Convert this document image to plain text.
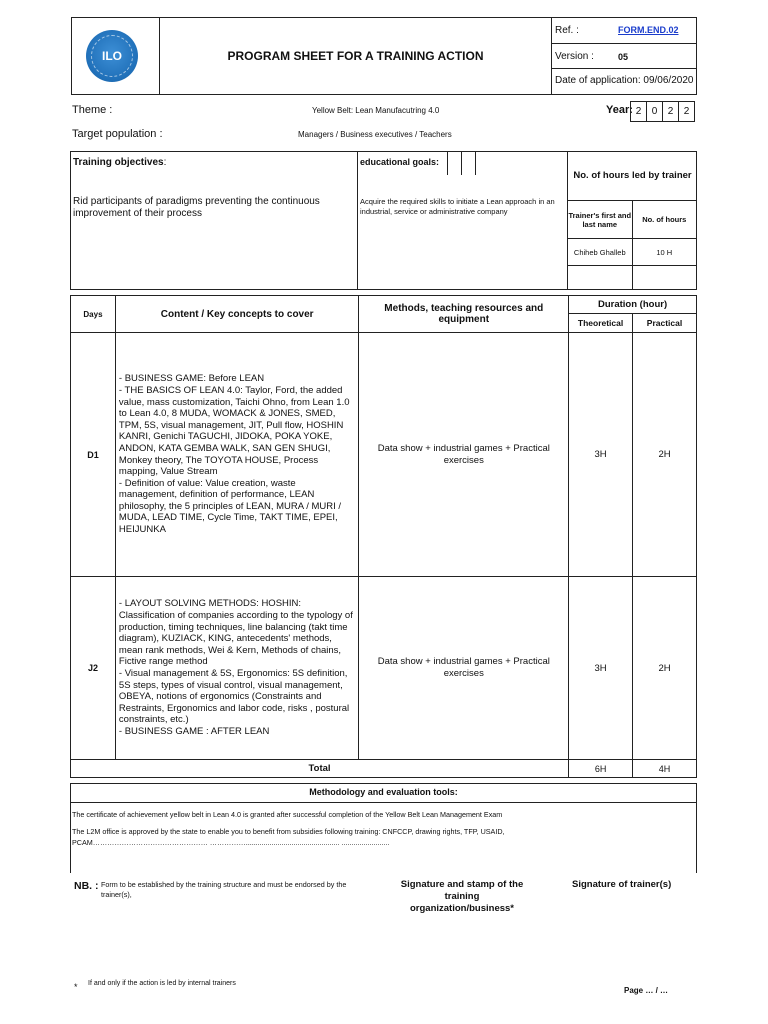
ILO	PROGRAM SHEET FOR A TRAINING ACTION
Ref. :	FORM.END.02
Version :	05
Date of application: 09/06/2020
Theme :	Yellow Belt: Lean Manufacutring 4.0	Year: 2	0	2	2
Target population :	Managers / Business executives / Teachers
Training objectives:
Rid participants of paradigms preventing the continuous improvement of their process
educational goals:
Acquire the required skills to initiate a Lean approach in an industrial, service or administrative company
No. of hours led by trainer
Trainer's first and last name	No. of hours
Chiheb Ghalleb	10 H

Days	Content / Key concepts to cover	Methods, teaching resources and equipment	Duration (hour)	
			Theoretical	Practical
D1	- BUSINESS GAME: Before LEAN
- THE BASICS OF LEAN 4.0: Taylor, Ford, the added value, mass customization, Taichi Ohno, from Lean 1.0 to Lean 4.0, 8 MUDA, WOMACK & JONES, SMED, TPM, 5S, visual management, JIT, Pull flow, HOSHIN KANRI, Genichi TAGUCHI, JIDOKA, POKA YOKE, ANDON, KATA GEMBA WALK, SAN GEN SHUGI, Monkey theory, The TOYOTA HOUSE, Process mapping, Value Stream
- Definition of value: Value creation, waste management, definition of performance, LEAN philosophy, the 5 principles of LEAN, MURA / MURI / MUDA, LEAD TIME, Cycle Time, TAKT TIME, EPEI, HEIJUNKA	Data show + industrial games + Practical exercises	3H	2H
J2	- LAYOUT SOLVING METHODS: HOSHIN: Classification of companies according to the typology of production, timing techniques, line balancing (takt time diagram), KUZIACK, KING, antecedents' methods, mean rank methods, Wei & Kern, Methods of chains, Fictive range method
- Visual management & 5S, Ergonomics: 5S definition, 5S steps, types of visual control, visual management, OBEYA, notions of ergonomics (Constraints and Restraints, Ergonomics and labor code, risks , postural constraints, etc.)
- BUSINESS GAME : AFTER LEAN	Data show + industrial games + Practical exercises	3H	2H
Total			6H	4H
Methodology and evaluation tools:
The certificate of achievement yellow belt in Lean 4.0 is granted after successful completion of the Yellow Belt Lean Management Exam
The L2M office is approved by the state to enable you to benefit from subsidies following training: CNFCCP, drawing rights, TFP, USAID,
PCAM………………………………………… ……………............................................... ........................
NB. : Form to be established by the training structure and must be endorsed by the trainer(s),
Signature and stamp of the training organization/business*
Signature of trainer(s)
* If and only if the action is led by internal trainers
Page … / …
